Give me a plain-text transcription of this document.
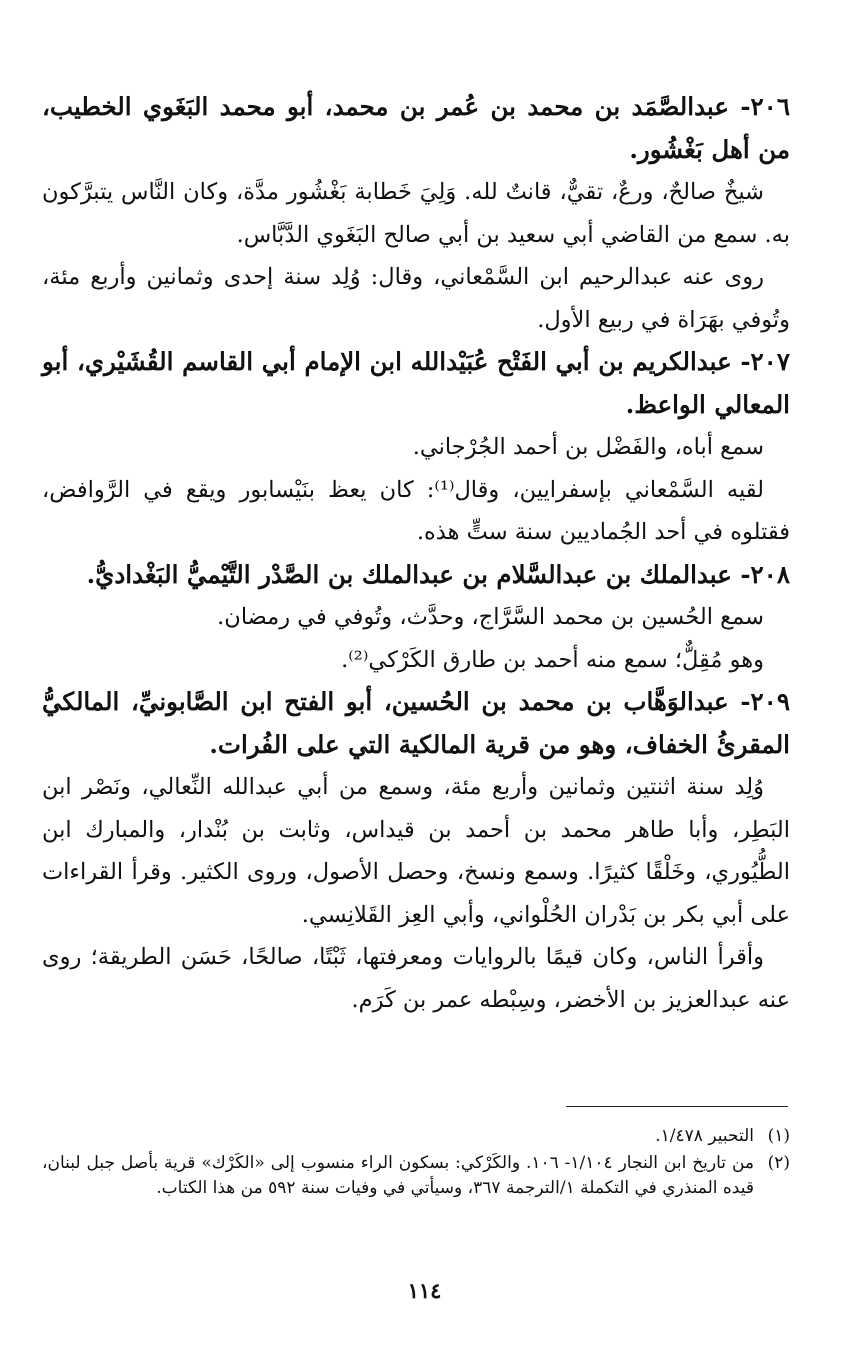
٢٠٦- عبدالصَّمَد بن محمد بن عُمر بن محمد، أبو محمد البَغَوي الخطيب، من أهل بَغْشُور.

شيخٌ صالحٌ، ورعٌ، تقيٌّ، قانتٌ لله. وَلِيَ خَطابة بَغْشُور مدَّة، وكان النَّاس يتبرَّكون به. سمع من القاضي أبي سعيد بن أبي صالح البَغَوي الدَّبَّاس.

روى عنه عبدالرحيم ابن السَّمْعاني، وقال: وُلِد سنة إحدى وثمانين وأربع مئة، وتُوفي بهَرَاة في ربيع الأول.

٢٠٧- عبدالكريم بن أبي الفَتْح عُبَيْدالله ابن الإمام أبي القاسم القُشَيْري، أبو المعالي الواعظ.

سمع أباه، والفَضْل بن أحمد الجُرْجاني.

لقيه السَّمْعاني بإسفرايين، وقال⁽¹⁾: كان يعظ بنَيْسابور ويقع في الرَّوافض، فقتلوه في أحد الجُماديين سنة ستٍّ هذه.

٢٠٨- عبدالملك بن عبدالسَّلام بن عبدالملك بن الصَّدْر التَّيْميُّ البَغْداديُّ.

سمع الحُسين بن محمد السَّرَّاج، وحدَّث، وتُوفي في رمضان.

وهو مُقِلٌّ؛ سمع منه أحمد بن طارق الكَرْكي⁽²⁾.

٢٠٩- عبدالوَهَّاب بن محمد بن الحُسين، أبو الفتح ابن الصَّابونيِّ، المالكيُّ المقرئُ الخفاف، وهو من قرية المالكية التي على الفُرات.

وُلِد سنة اثنتين وثمانين وأربع مئة، وسمع من أبي عبدالله النِّعالي، ونَصْر ابن البَطِر، وأبا طاهر محمد بن أحمد بن قيداس، وثابت بن بُنْدار، والمبارك ابن الطُّيُوري، وخَلْقًا كثيرًا. وسمع ونسخ، وحصل الأصول، وروى الكثير. وقرأ القراءات على أبي بكر بن بَدْران الحُلْواني، وأبي العِز القَلانِسي.

وأقرأ الناس، وكان قيمًا بالروايات ومعرفتها، ثَبْتًا، صالحًا، حَسَن الطريقة؛ روى عنه عبدالعزيز بن الأخضر، وسِبْطه عمر بن كَرَم.

(١)
التحبير ١/٤٧٨.
(٢)
من تاريخ ابن النجار ١/١٠٤- ١٠٦. والكَرْكي: بسكون الراء منسوب إلى «الكَرْك» قرية بأصل جبل لبنان، قيده المنذري في التكملة ١/الترجمة ٣٦٧، وسيأتي في وفيات سنة ٥٩٢ من هذا الكتاب.
١١٤
